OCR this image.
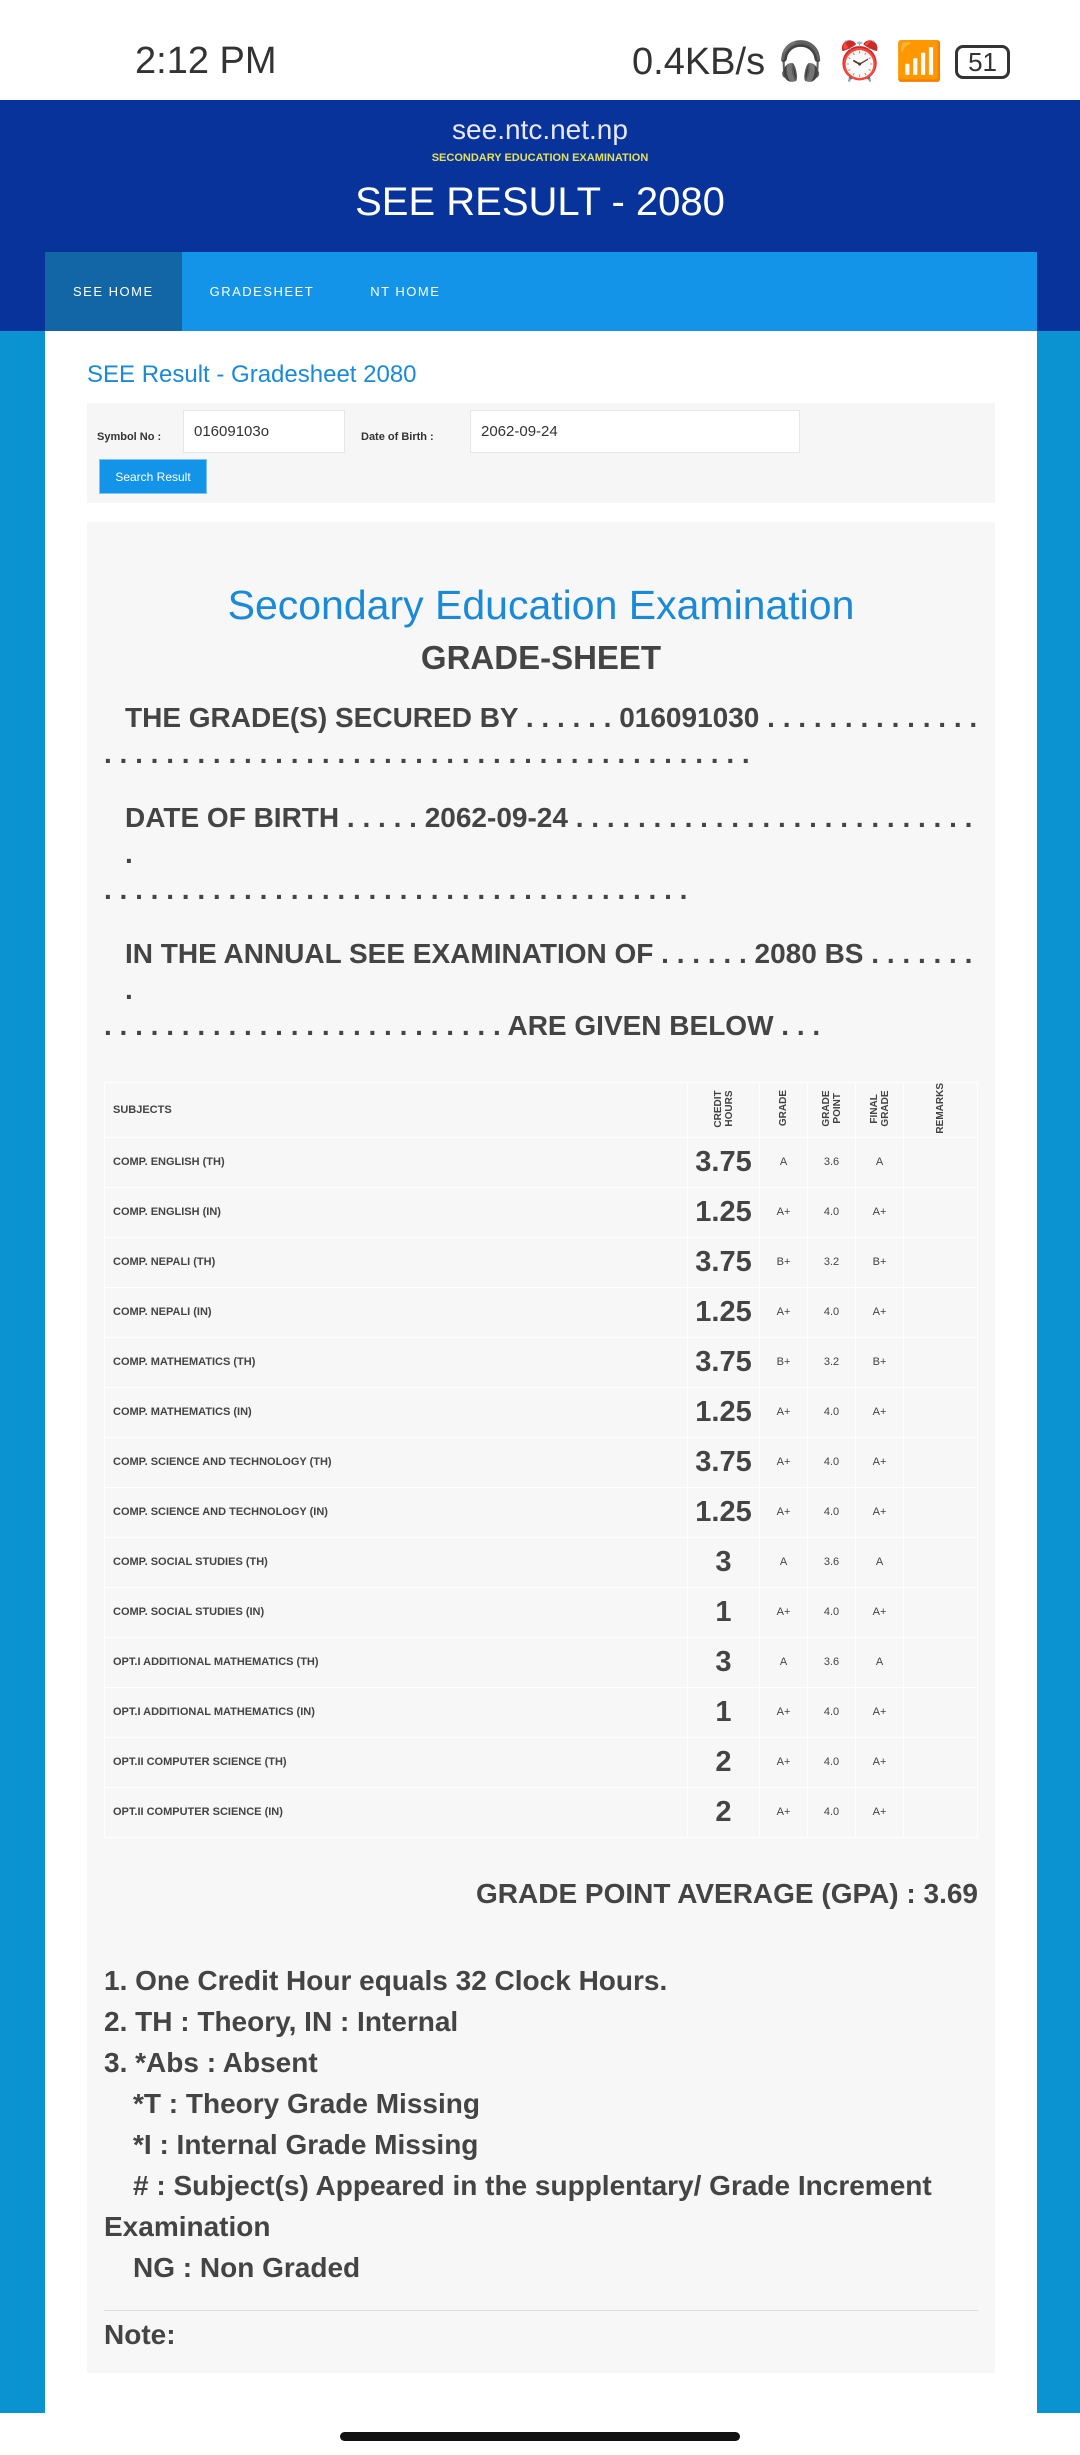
2:12 PM	0.4KB/s 🎧 ⏰ 📶 51
see.ntc.net.np
SECONDARY EDUCATION EXAMINATION
SEE RESULT - 2080
SEE HOME	GRADESHEET	NT HOME
SEE Result - Gradesheet 2080
Symbol No :	01609103o	Date of Birth :	2062-09-24
Search Result
Secondary Education Examination
GRADE-SHEET
THE GRADE(S) SECURED BY . . . . . . 016091030 . . . . . . . . . . . . . .
. . . . . . . . . . . . . . . . . . . . . . . . . . . . . . . . . . . . . . . . . .
DATE OF BIRTH . . . . . 2062-09-24 . . . . . . . . . . . . . . . . . . . . . . . . . . .
. . . . . . . . . . . . . . . . . . . . . . . . . . . . . . . . . . . . . .
IN THE ANNUAL SEE EXAMINATION OF . . . . . . 2080 BS . . . . . . . .
. . . . . . . . . . . . . . . . . . . . . . . . . . ARE GIVEN BELOW . . .
SUBJECTS	CREDIT HOURS	GRADE	GRADE POINT	FINAL GRADE	REMARKS
COMP. ENGLISH (TH)	3.75	A	3.6	A	
COMP. ENGLISH (IN)	1.25	A+	4.0	A+	
COMP. NEPALI (TH)	3.75	B+	3.2	B+	
COMP. NEPALI (IN)	1.25	A+	4.0	A+	
COMP. MATHEMATICS (TH)	3.75	B+	3.2	B+	
COMP. MATHEMATICS (IN)	1.25	A+	4.0	A+	
COMP. SCIENCE AND TECHNOLOGY (TH)	3.75	A+	4.0	A+	
COMP. SCIENCE AND TECHNOLOGY (IN)	1.25	A+	4.0	A+	
COMP. SOCIAL STUDIES (TH)	3	A	3.6	A	
COMP. SOCIAL STUDIES (IN)	1	A+	4.0	A+	
OPT.I ADDITIONAL MATHEMATICS (TH)	3	A	3.6	A	
OPT.I ADDITIONAL MATHEMATICS (IN)	1	A+	4.0	A+	
OPT.II COMPUTER SCIENCE (TH)	2	A+	4.0	A+	
OPT.II COMPUTER SCIENCE (IN)	2	A+	4.0	A+	
GRADE POINT AVERAGE (GPA) : 3.69
1. One Credit Hour equals 32 Clock Hours.
2. TH : Theory, IN : Internal
3. *Abs : Absent
*T : Theory Grade Missing
*I : Internal Grade Missing
# : Subject(s) Appeared in the supplentary/ Grade Increment
Examination
NG : Non Graded
Note:
